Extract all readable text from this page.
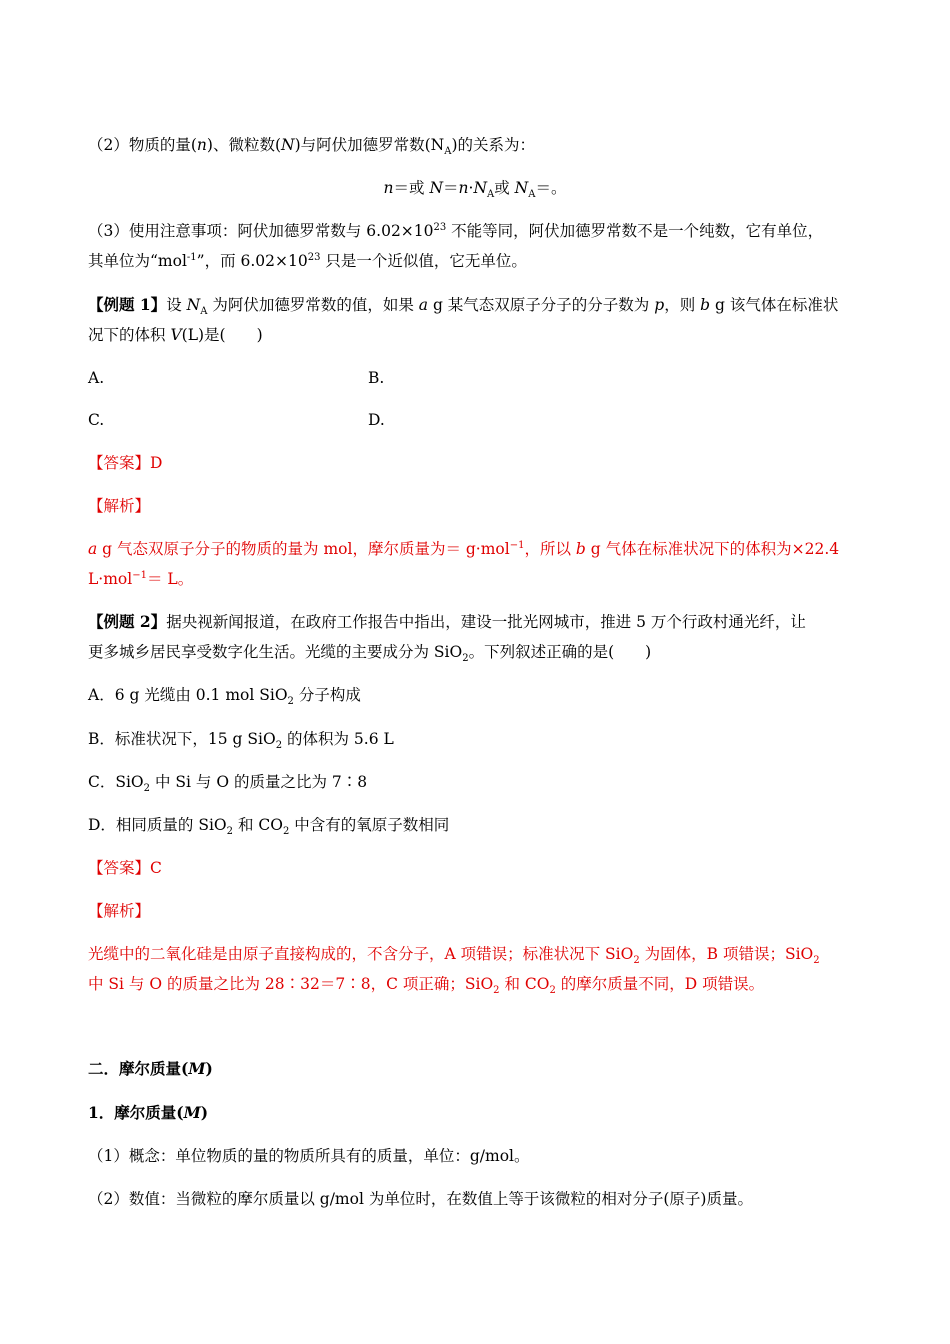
（2）物质的量(n)、微粒数(N)与阿伏加德罗常数$(N_A)$的关系为：
n＝或 $N=n\cdot N_A$或 $N_A=$。
（3）使用注意事项：阿伏加德罗常数与 $6.02\times 10^{23}$ 不能等同，阿伏加德罗常数不是一个纯数，它有单位，
其单位为“mol$^{-1}$”，而 $6.02\times 10^{23}$ 只是一个近似值，它无单位。
【例题 1】设 $N_A$ 为阿伏加德罗常数的值，如果 a g 某气态双原子分子的分子数为 p，则 b g 该气体在标准状
况下的体积 V(L)是(　　)
A.	B.
C.	D.
【答案】D
【解析】
a g 气态双原子分子的物质的量为 mol，摩尔质量为＝ g·mol$^{-1}$，所以 b g 气体在标准状况下的体积为×22.4
L·mol$^{-1}$＝ L。
【例题 2】据央视新闻报道，在政府工作报告中指出，建设一批光网城市，推进 5 万个行政村通光纤，让
更多城乡居民享受数字化生活。光缆的主要成分为 SiO$_2$。下列叙述正确的是(　　)
A．6 g 光缆由 0.1 mol SiO$_2$ 分子构成
B．标准状况下，15 g SiO$_2$ 的体积为 5.6 L
C．SiO$_2$ 中 Si 与 O 的质量之比为 7∶8
D．相同质量的 SiO$_2$ 和 $CO_2$ 中含有的氧原子数相同
【答案】C
【解析】
光缆中的二氧化硅是由原子直接构成的，不含分子，A 项错误；标准状况下 SiO$_2$ 为固体，B 项错误；SiO$_2$
中 Si 与 O 的质量之比为 28∶32＝7∶8，C 项正确；SiO$_2$ 和 $CO_2$ 的摩尔质量不同，D 项错误。
二．摩尔质量(M)
1．摩尔质量(M)
（1）概念：单位物质的量的物质所具有的质量，单位：g/mol。
（2）数值：当微粒的摩尔质量以 g/mol 为单位时，在数值上等于该微粒的相对分子(原子)质量。
